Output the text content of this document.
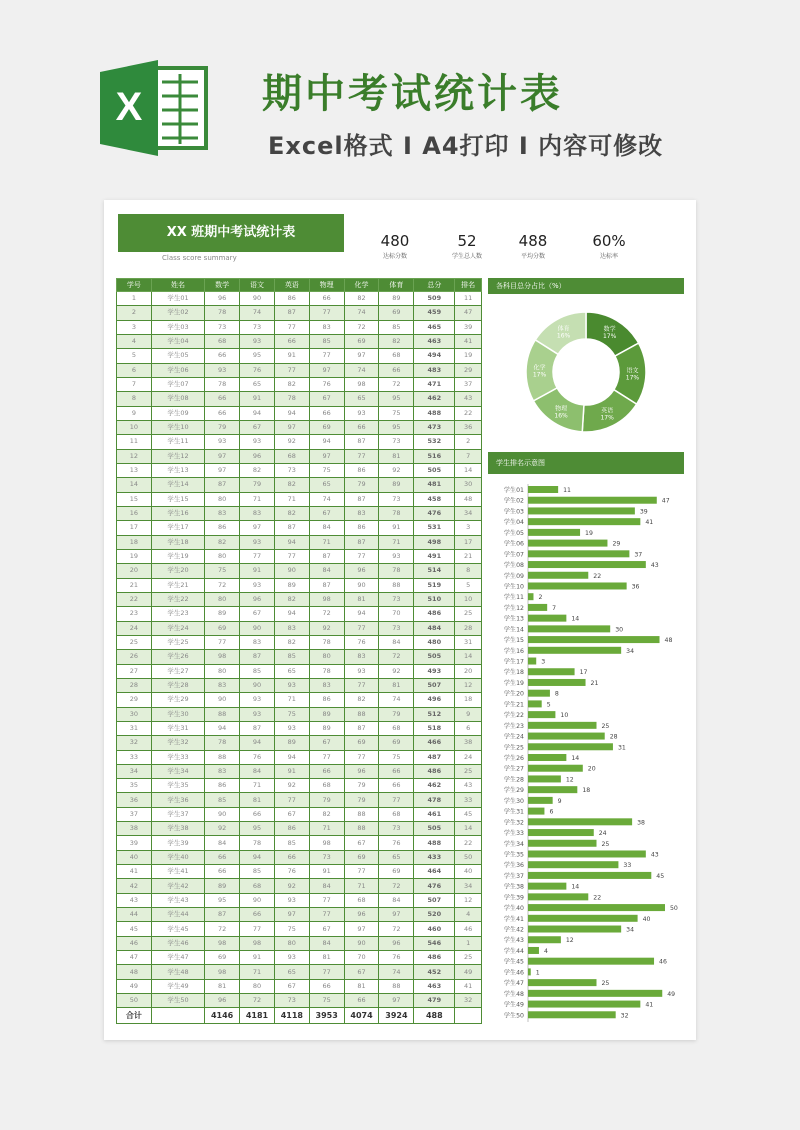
X	期中考试统计表
Excel格式 I A4打印 I 内容可修改
XX 班期中考试统计表
Class score summary
480
达标分数
52
学生总人数
488
平均分数
60%
达标率
学号	姓名	数学	语文	英语	物理	化学	体育	总分	排名
1	学生01	96	90	86	66	82	89	509	11
2	学生02	78	74	87	77	74	69	459	47
3	学生03	73	73	77	83	72	85	465	39
4	学生04	68	93	66	85	69	82	463	41
5	学生05	66	95	91	77	97	68	494	19
6	学生06	93	76	77	97	74	66	483	29
7	学生07	78	65	82	76	98	72	471	37
8	学生08	66	91	78	67	65	95	462	43
9	学生09	66	94	94	66	93	75	488	22
10	学生10	79	67	97	69	66	95	473	36
11	学生11	93	93	92	94	87	73	532	2
12	学生12	97	96	68	97	77	81	516	7
13	学生13	97	82	73	75	86	92	505	14
14	学生14	87	79	82	65	79	89	481	30
15	学生15	80	71	71	74	87	73	458	48
16	学生16	83	83	82	67	83	78	476	34
17	学生17	86	97	87	84	86	91	531	3
18	学生18	82	93	94	71	87	71	498	17
19	学生19	80	77	77	87	77	93	491	21
20	学生20	75	91	90	84	96	78	514	8
21	学生21	72	93	89	87	90	88	519	5
22	学生22	80	96	82	98	81	73	510	10
23	学生23	89	67	94	72	94	70	486	25
24	学生24	69	90	83	92	77	73	484	28
25	学生25	77	83	82	78	76	84	480	31
26	学生26	98	87	85	80	83	72	505	14
27	学生27	80	85	65	78	93	92	493	20
28	学生28	83	90	93	83	77	81	507	12
29	学生29	90	93	71	86	82	74	496	18
30	学生30	88	93	75	89	88	79	512	9
31	学生31	94	87	93	89	87	68	518	6
32	学生32	78	94	89	67	69	69	466	38
33	学生33	88	76	94	77	77	75	487	24
34	学生34	83	84	91	66	96	66	486	25
35	学生35	86	71	92	68	79	66	462	43
36	学生36	85	81	77	79	79	77	478	33
37	学生37	90	66	67	82	88	68	461	45
38	学生38	92	95	86	71	88	73	505	14
39	学生39	84	78	85	98	67	76	488	22
40	学生40	66	94	66	73	69	65	433	50
41	学生41	66	85	76	91	77	69	464	40
42	学生42	89	68	92	84	71	72	476	34
43	学生43	95	90	93	77	68	84	507	12
44	学生44	87	66	97	77	96	97	520	4
45	学生45	72	77	75	67	97	72	460	46
46	学生46	98	98	80	84	90	96	546	1
47	学生47	69	91	93	81	70	76	486	25
48	学生48	98	71	65	77	67	74	452	49
49	学生49	81	80	67	66	81	88	463	41
50	学生50	96	72	73	75	66	97	479	32
合计		4146	4181	4118	3953	4074	3924	488	
各科目总分占比（%）
数学
17%
语文
17%
英语
17%
物理
16%
化学
17%
体育
16%
学生排名示意图
学生01	11
学生02	47
学生03	39
学生04	41
学生05	19
学生06	29
学生07	37
学生08	43
学生09	22
学生10	36
学生11 2
学生12	7
学生13	14
学生14	30
学生15	48
学生16	34
学生17	3
学生18	17
学生19	21
学生20	8
学生21	5
学生22	10
学生23	25
学生24	28
学生25	31
学生26	14
学生27	20
学生28	12
学生29	18
学生30	9
学生31	6
学生32	38
学生33	24
学生34	25
学生35	43
学生36	33
学生37	45
学生38	14
学生39	22
学生40	50
学生41	40
学生42	34
学生43	12
学生44	4
学生45	46
学生46 1
学生47	25
学生48	49
学生49	41
学生50	32
